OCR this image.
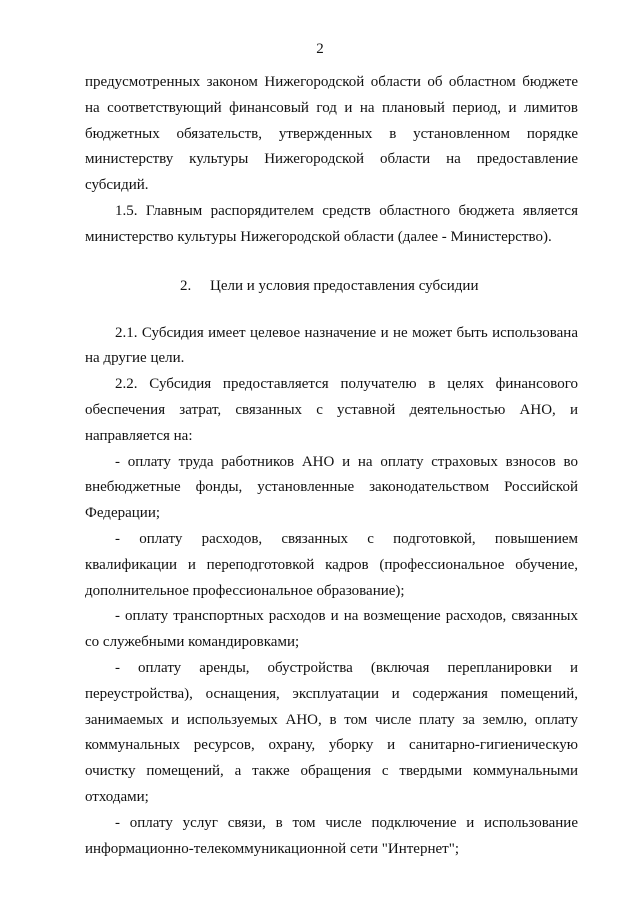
2

предусмотренных законом Нижегородской области об областном бюджете на соответствующий финансовый год и на плановый период, и лимитов бюджетных обязательств, утвержденных в установленном порядке министерству культуры Нижегородской области на предоставление субсидий.

1.5. Главным распорядителем средств областного бюджета является министерство культуры Нижегородской области (далее - Министерство).

2. Цели и условия предоставления субсидии

2.1. Субсидия имеет целевое назначение и не может быть использована на другие цели.

2.2. Субсидия предоставляется получателю в целях финансового обеспечения затрат, связанных с уставной деятельностью АНО, и направляется на:

- оплату труда работников АНО и на оплату страховых взносов во внебюджетные фонды, установленные законодательством Российской Федерации;

- оплату расходов, связанных с подготовкой, повышением квалификации и переподготовкой кадров (профессиональное обучение, дополнительное профессиональное образование);

- оплату транспортных расходов и на возмещение расходов, связанных со служебными командировками;

- оплату аренды, обустройства (включая перепланировки и переустройства), оснащения, эксплуатации и содержания помещений, занимаемых и используемых АНО, в том числе плату за землю, оплату коммунальных ресурсов, охрану, уборку и санитарно-гигиеническую очистку помещений, а также обращения с твердыми коммунальными отходами;

- оплату услуг связи, в том числе подключение и использование информационно-телекоммуникационной сети "Интернет";
